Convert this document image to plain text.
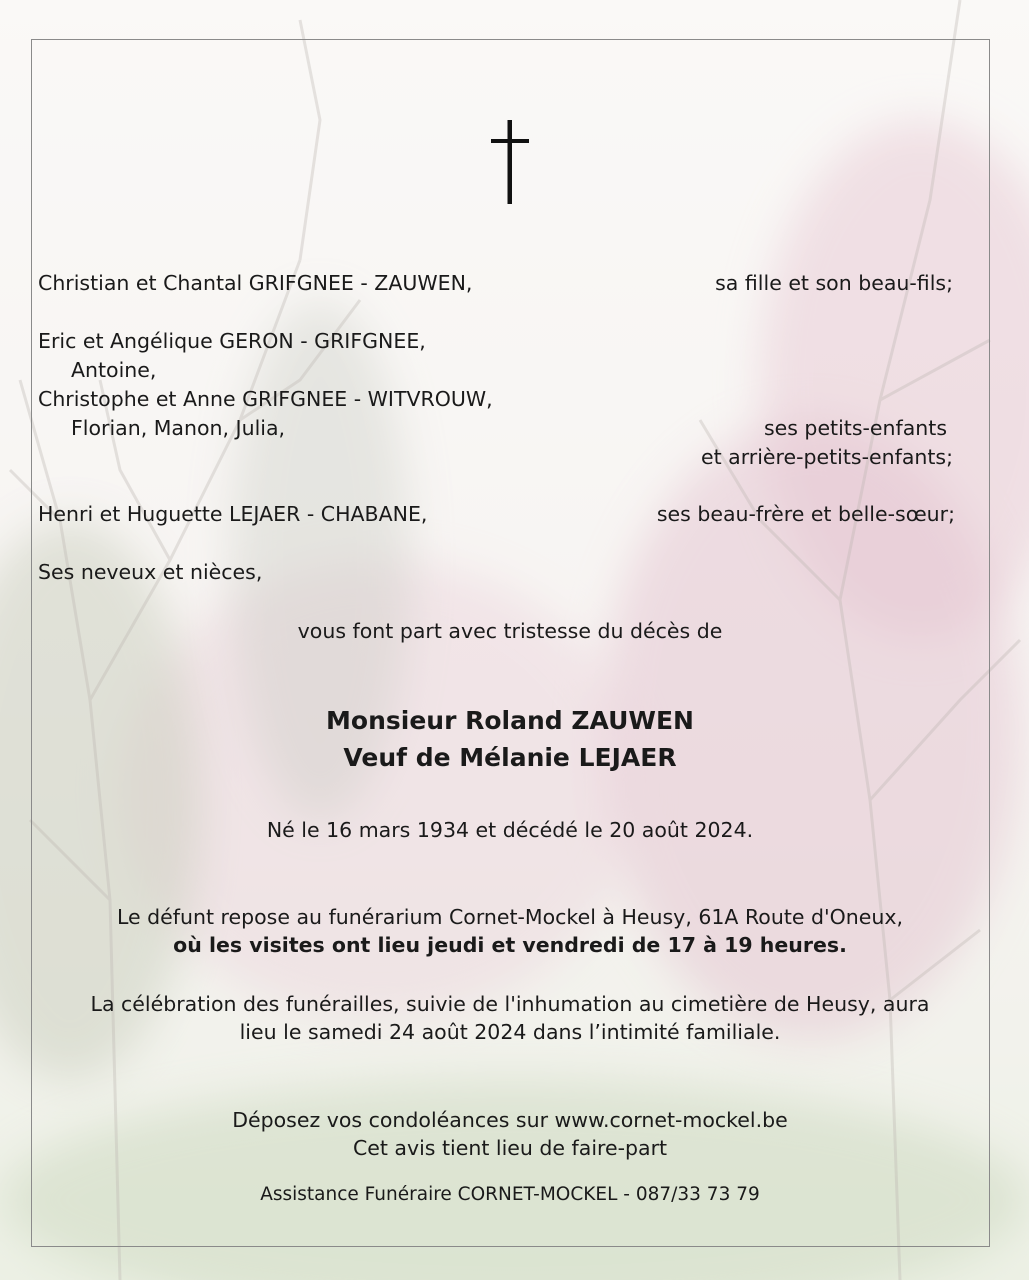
Christian et Chantal GRIFGNEE - ZAUWEN,	sa fille et son beau-fils;
Eric et Angélique GERON - GRIFGNEE,
Antoine,
Christophe et Anne GRIFGNEE - WITVROUW,
Florian, Manon, Julia,	ses petits-enfants
et arrière-petits-enfants;
Henri et Huguette LEJAER - CHABANE,	ses beau-frère et belle-sœur;
Ses neveux et nièces,
vous font part avec tristesse du décès de
Monsieur Roland ZAUWEN
Veuf de Mélanie LEJAER
Né le 16 mars 1934 et décédé le 20 août 2024.
Le défunt repose au funérarium Cornet-Mockel à Heusy, 61A Route d'Oneux,
où les visites ont lieu jeudi et vendredi de 17 à 19 heures.
La célébration des funérailles, suivie de l'inhumation au cimetière de Heusy, aura
lieu le samedi 24 août 2024 dans l’intimité familiale.
Déposez vos condoléances sur www.cornet-mockel.be
Cet avis tient lieu de faire-part
Assistance Funéraire CORNET-MOCKEL - 087/33 73 79
